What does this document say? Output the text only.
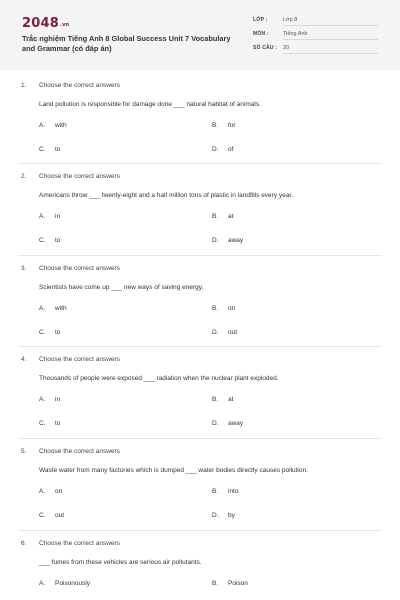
2048.vn
Trắc nghiệm Tiếng Anh 8 Global Success Unit 7 Vocabulary and Grammar (có đáp án)
LỚP :	Lớp 8
MÔN :	Tiếng Anh
SỐ CÂU : 20
1. Choose the correct answers
Land pollution is responsible for damage done ___ natural habitat of animals.
A. with	B. for
C. to	D. of
2. Choose the correct answers
Americans throw ___ twenty-eight and a half million tons of plastic in landfills every year.
A. in	B. at
C. to	D. away
3. Choose the correct answers
Scientists have come up ___ new ways of saving energy.
A. with	B. on
C. to	D. out
4. Choose the correct answers
Thousands of people were exposed ___ radiation when the nuclear plant exploded.
A. in	B. at
C. to	D. away
5. Choose the correct answers
Waste water from many factories which is dumped ___ water bodies directly causes pollution.
A. on	B. into
C. out	D. by
6. Choose the correct answers
___ fumes from these vehicles are serious air pollutants.
A. Poisonously	B. Poison
